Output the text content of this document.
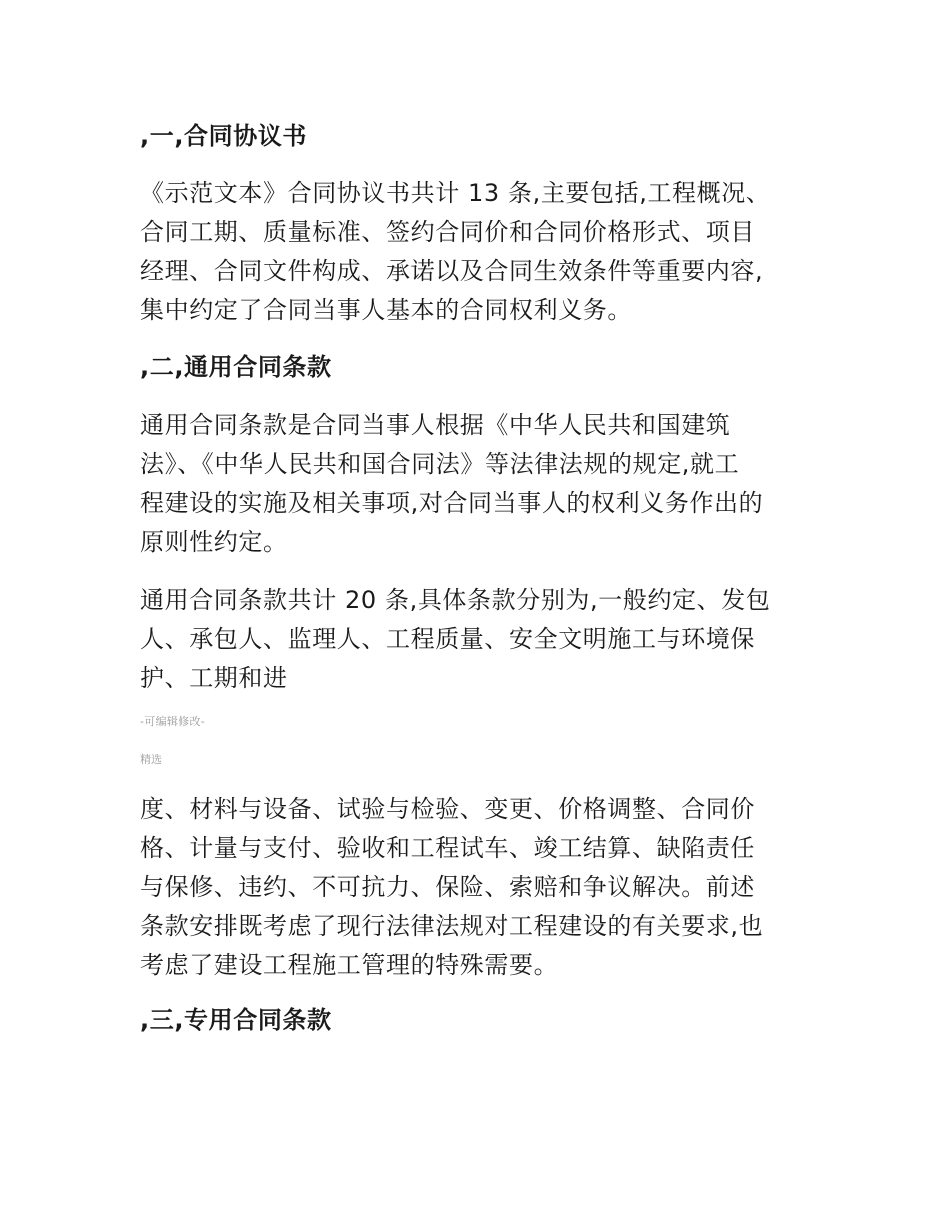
,一,合同协议书
《示范文本》合同协议书共计 13 条,主要包括,工程概况、
合同工期、质量标准、签约合同价和合同价格形式、项目
经理、合同文件构成、承诺以及合同生效条件等重要内容,
集中约定了合同当事人基本的合同权利义务。
,二,通用合同条款
通用合同条款是合同当事人根据《中华人民共和国建筑
法》、《中华人民共和国合同法》等法律法规的规定,就工
程建设的实施及相关事项,对合同当事人的权利义务作出的
原则性约定。
通用合同条款共计 20 条,具体条款分别为,一般约定、发包
人、承包人、监理人、工程质量、安全文明施工与环境保
护、工期和进
-可编辑修改-
精选
度、材料与设备、试验与检验、变更、价格调整、合同价
格、计量与支付、验收和工程试车、竣工结算、缺陷责任
与保修、违约、不可抗力、保险、索赔和争议解决。前述
条款安排既考虑了现行法律法规对工程建设的有关要求,也
考虑了建设工程施工管理的特殊需要。
,三,专用合同条款
